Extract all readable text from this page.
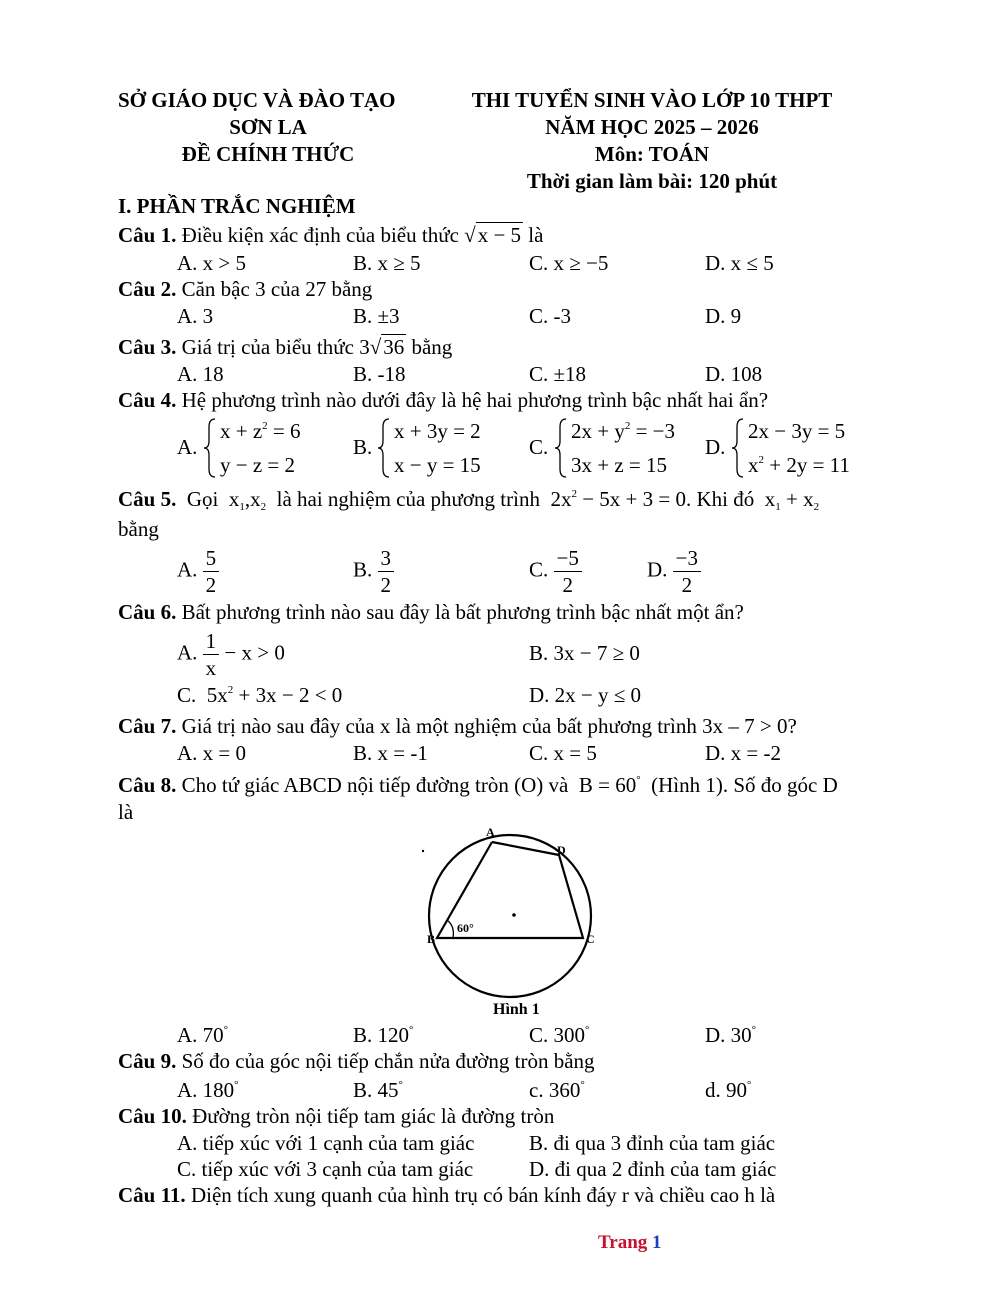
SỞ GIÁO DỤC VÀ ĐÀO TẠO
SƠN LA
ĐỀ CHÍNH THỨC
THI TUYỂN SINH VÀO LỚP 10 THPT
NĂM HỌC 2025 – 2026
Môn: TOÁN
Thời gian làm bài: 120 phút
I. PHẦN TRẮC NGHIỆM
Câu 1. Điều kiện xác định của biểu thức √x − 5 là
A. x > 5	B. x ≥ 5	C. x ≥ −5	D. x ≤ 5
Câu 2. Căn bậc 3 của 27 bằng
A. 3	B. ±3	C. -3	D. 9
Câu 3. Giá trị của biểu thức 3√36 bằng
A. 18	B. -18	C. ±18	D. 108
Câu 4. Hệ phương trình nào dưới đây là hệ hai phương trình bậc nhất hai ẩn?
A.
$x + z^2 = 6$
y − z = 2
B.
x + 3y = 2
x − y = 15
C.
$2x + y^2 = -3$
3x + z = 15
D.
2x − 3y = 5
$x^2 + 2y = 11$
Câu 5. Gọi  $x_1,x_2$ là hai nghiệm của phương trình $2x^2 - 5x + 3 = 0$. Khi đó  $x_1 + x_2$
bằng
A. $\frac{5}{2}$	B. $\frac{3}{2}$	C. $\frac{-5}{2}$	D. $\frac{-3}{2}$
Câu 6. Bất phương trình nào sau đây là bất phương trình bậc nhất một ẩn?
A. $\frac{1}{x} - x > 0$	B. 3x − 7 ≥ 0
C. $5x^2 + 3x - 2 < 0$	D. 2x − y ≤ 0
Câu 7. Giá trị nào sau đây của x là một nghiệm của bất phương trình 3x – 7 > 0?
A. x = 0	B. x = -1	C. x = 5	D. x = -2
Câu 8. Cho tứ giác ABCD nội tiếp đường tròn (O) và B = 60° (Hình 1). Số đo góc D
là
A
D
B	C
60°
Hình 1
A. 70°	B. 120°	C. 300°	D. 30°
Câu 9. Số đo của góc nội tiếp chắn nửa đường tròn bằng
A. 180°	B. 45°	c. 360°	d. 90°
Câu 10. Đường tròn nội tiếp tam giác là đường tròn
A. tiếp xúc với 1 cạnh của tam giác	B. đi qua 3 đỉnh của tam giác
C. tiếp xúc với 3 cạnh của tam giác	D. đi qua 2 đỉnh của tam giác
Câu 11. Diện tích xung quanh của hình trụ có bán kính đáy r và chiều cao h là
Trang 1
